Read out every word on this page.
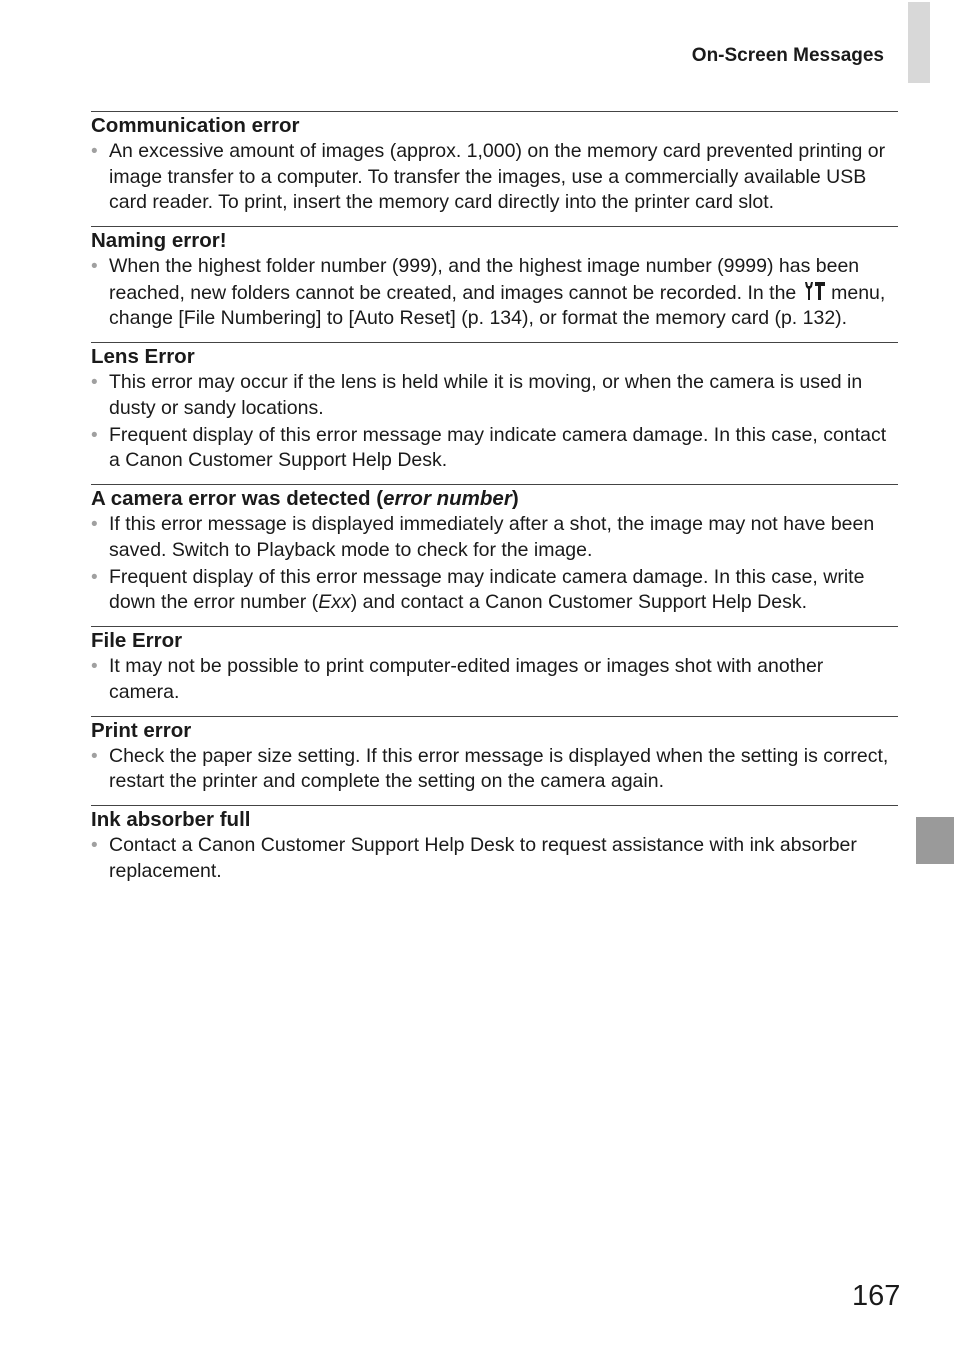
On-Screen Messages
Communication error
• An excessive amount of images (approx. 1,000) on the memory card prevented printing or image transfer to a computer. To transfer the images, use a commercially available USB card reader. To print, insert the memory card directly into the printer card slot.
Naming error!
• When the highest folder number (999), and the highest image number (9999) has been reached, new folders cannot be created, and images cannot be recorded. In the  menu, change [File Numbering] to [Auto Reset] (p. 134), or format the memory card (p. 132).
Lens Error
• This error may occur if the lens is held while it is moving, or when the camera is used in dusty or sandy locations.
• Frequent display of this error message may indicate camera damage. In this case, contact a Canon Customer Support Help Desk.
A camera error was detected (error number)
• If this error message is displayed immediately after a shot, the image may not have been saved. Switch to Playback mode to check for the image.
• Frequent display of this error message may indicate camera damage. In this case, write down the error number (Exx) and contact a Canon Customer Support Help Desk.
File Error
• It may not be possible to print computer-edited images or images shot with another camera.
Print error
• Check the paper size setting. If this error message is displayed when the setting is correct, restart the printer and complete the setting on the camera again.
Ink absorber full
• Contact a Canon Customer Support Help Desk to request assistance with ink absorber replacement.
167
